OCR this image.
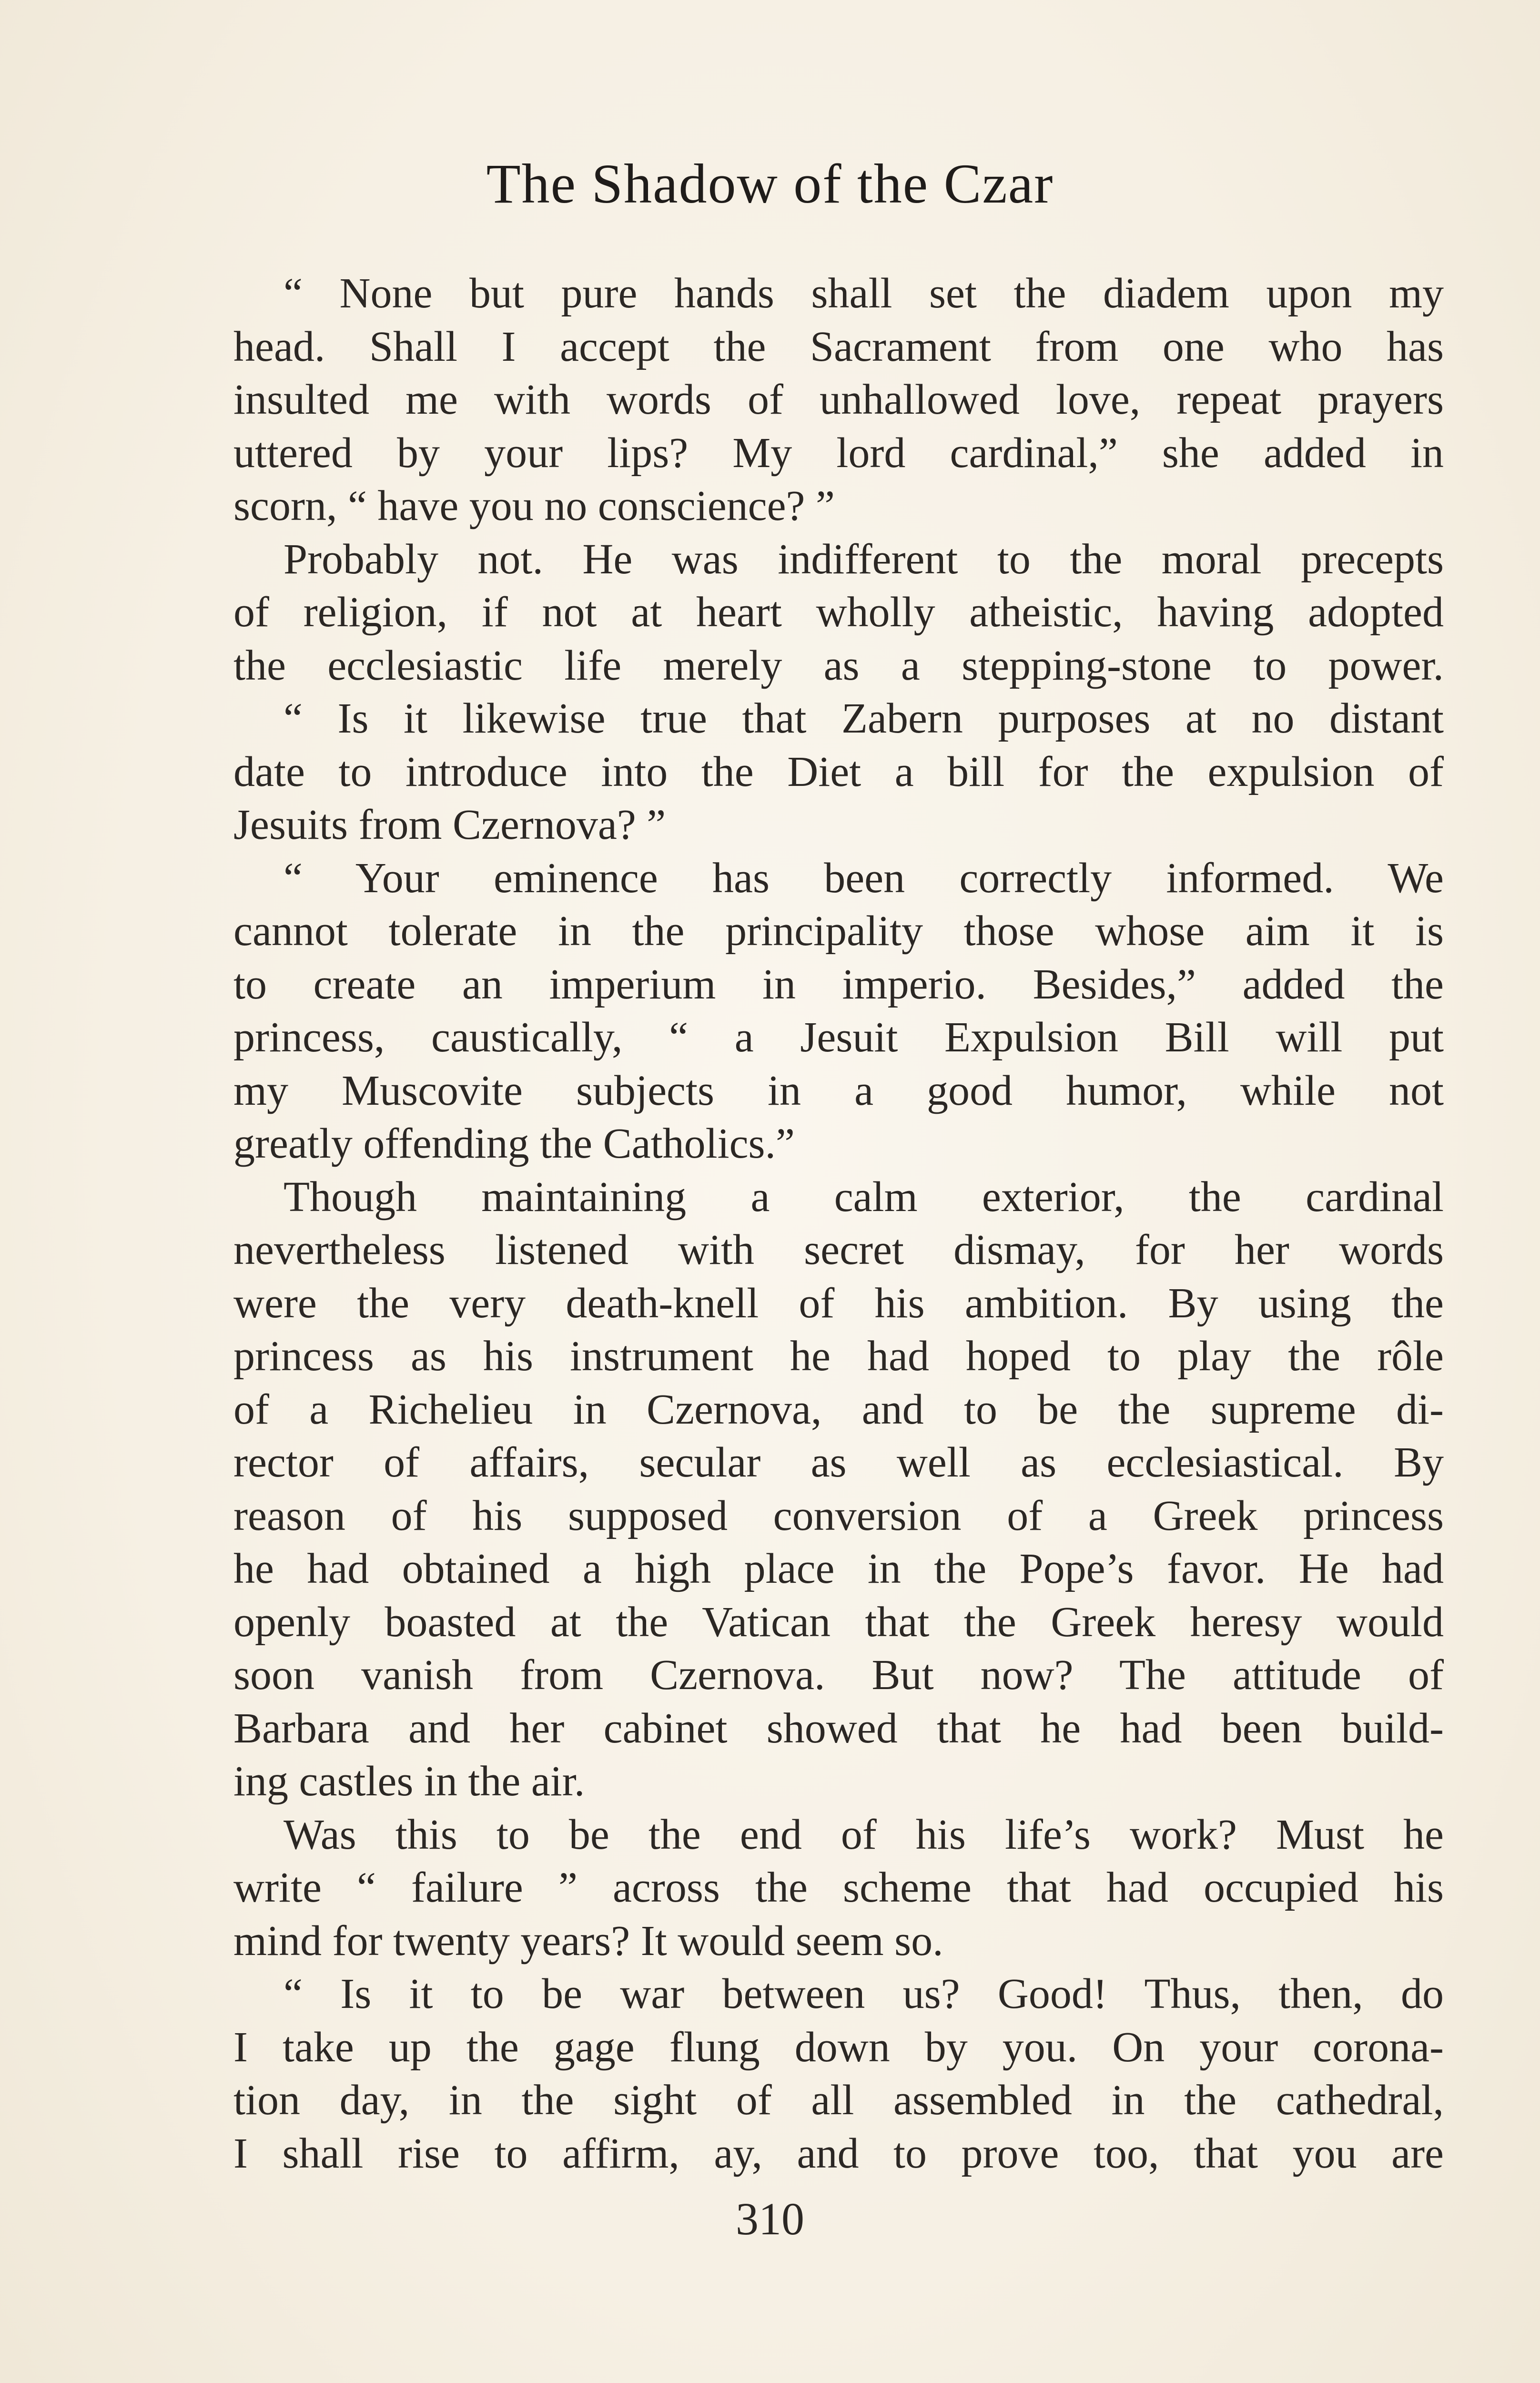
The Shadow of the Czar
“ None but pure hands shall set the diadem upon my
head. Shall I accept the Sacrament from one who has
insulted me with words of unhallowed love, repeat prayers
uttered by your lips? My lord cardinal,” she added in
scorn, “ have you no conscience? ”
Probably not. He was indifferent to the moral precepts
of religion, if not at heart wholly atheistic, having adopted
the ecclesiastic life merely as a stepping-stone to power.
“ Is it likewise true that Zabern purposes at no distant
date to introduce into the Diet a bill for the expulsion of
Jesuits from Czernova? ”
“ Your eminence has been correctly informed. We
cannot tolerate in the principality those whose aim it is
to create an imperium in imperio. Besides,” added the
princess, caustically, “ a Jesuit Expulsion Bill will put
my Muscovite subjects in a good humor, while not
greatly offending the Catholics.”
Though maintaining a calm exterior, the cardinal
nevertheless listened with secret dismay, for her words
were the very death-knell of his ambition. By using the
princess as his instrument he had hoped to play the rôle
of a Richelieu in Czernova, and to be the supreme di-
rector of affairs, secular as well as ecclesiastical. By
reason of his supposed conversion of a Greek princess
he had obtained a high place in the Pope’s favor. He had
openly boasted at the Vatican that the Greek heresy would
soon vanish from Czernova. But now? The attitude of
Barbara and her cabinet showed that he had been build-
ing castles in the air.
Was this to be the end of his life’s work? Must he
write “ failure ” across the scheme that had occupied his
mind for twenty years? It would seem so.
“ Is it to be war between us? Good! Thus, then, do
I take up the gage flung down by you. On your corona-
tion day, in the sight of all assembled in the cathedral,
I shall rise to affirm, ay, and to prove too, that you are
310
